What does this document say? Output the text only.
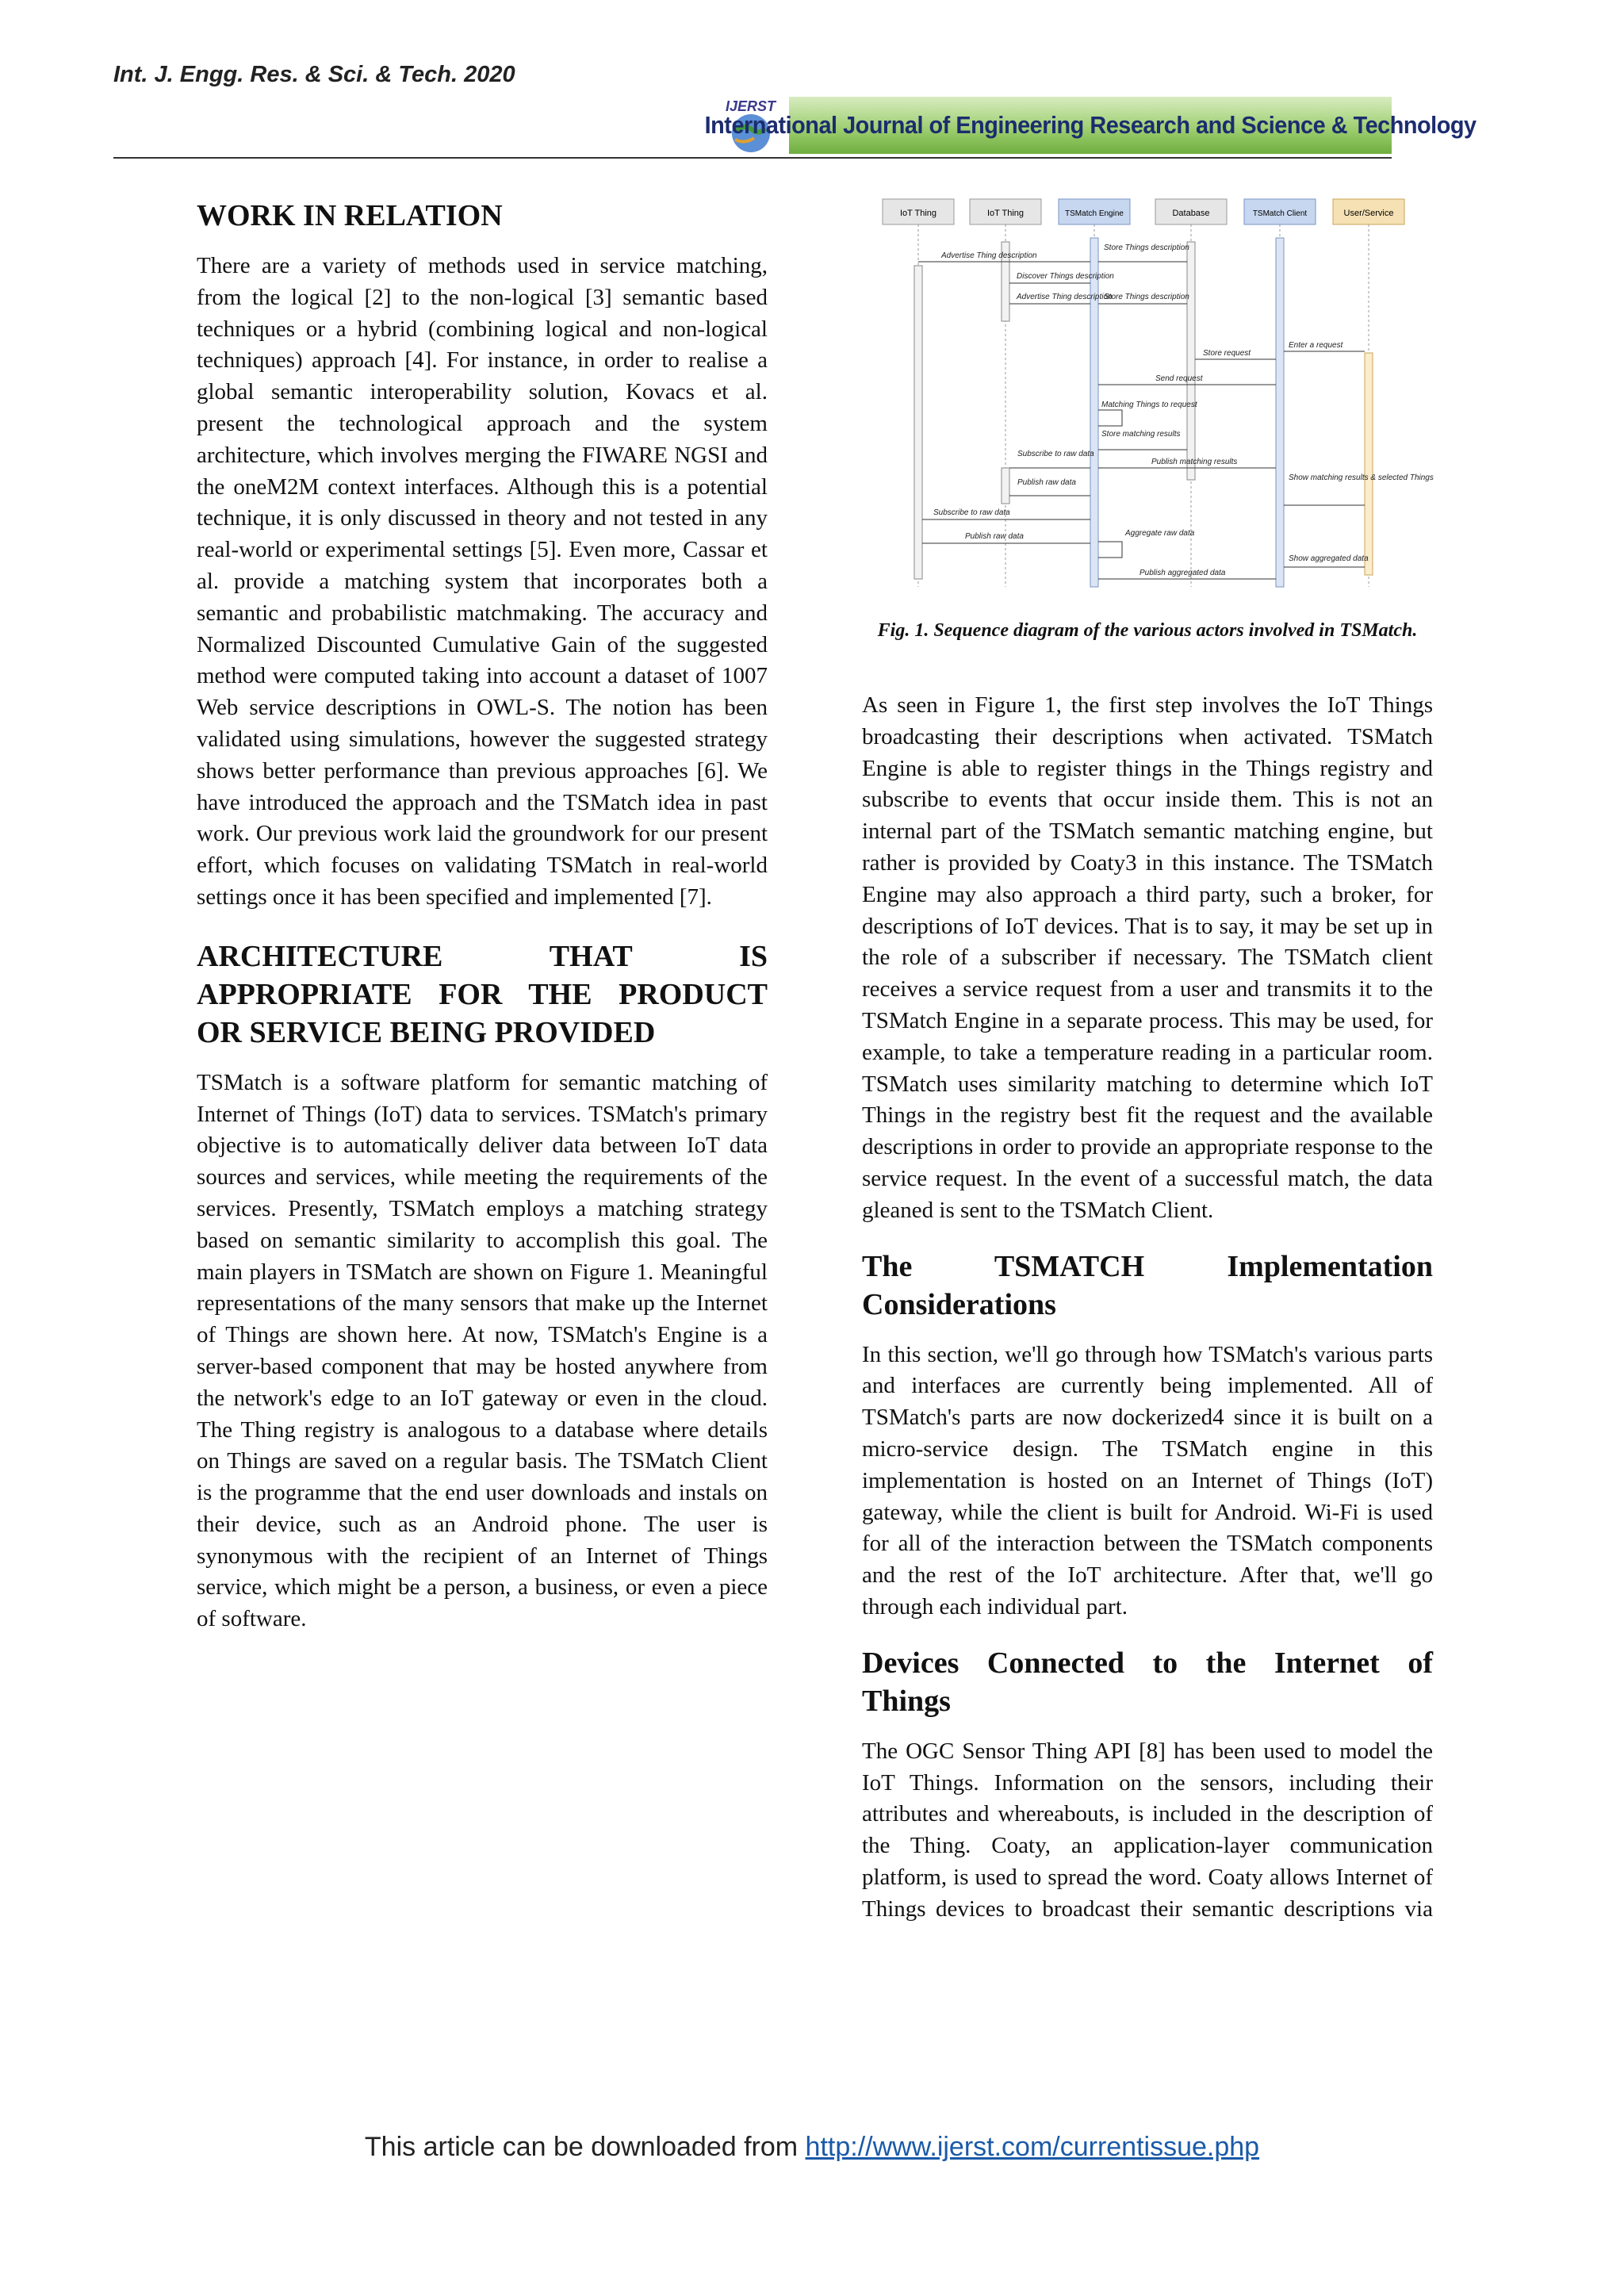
Int. J. Engg. Res. & Sci. & Tech. 2020
IJERST
International Journal of Engineering Research and Science & Technology
WORK IN RELATION

There are a variety of methods used in service matching, from the logical [2] to the non-logical [3] semantic based techniques or a hybrid (combining logical and non-logical techniques) approach [4]. For instance, in order to realise a global semantic interoperability solution, Kovacs et al. present the technological approach and the system architecture, which involves merging the FIWARE NGSI and the oneM2M context interfaces. Although this is a potential technique, it is only discussed in theory and not tested in any real-world or experimental settings [5]. Even more, Cassar et al. provide a matching system that incorporates both a semantic and probabilistic matchmaking. The accuracy and Normalized Discounted Cumulative Gain of the suggested method were computed taking into account a dataset of 1007 Web service descriptions in OWL-S. The notion has been validated using simulations, however the suggested strategy shows better performance than previous approaches [6]. We have introduced the approach and the TSMatch idea in past work. Our previous work laid the groundwork for our present effort, which focuses on validating TSMatch in real-world settings once it has been specified and implemented [7].

ARCHITECTURE THAT IS
APPROPRIATE FOR THE PRODUCT
OR SERVICE BEING PROVIDED

TSMatch is a software platform for semantic matching of Internet of Things (IoT) data to services. TSMatch's primary objective is to automatically deliver data between IoT data sources and services, while meeting the requirements of the services. Presently, TSMatch employs a matching strategy based on semantic similarity to accomplish this goal. The main players in TSMatch are shown on Figure 1. Meaningful representations of the many sensors that make up the Internet of Things are shown here. At now, TSMatch's Engine is a server-based component that may be hosted anywhere from the network's edge to an IoT gateway or even in the cloud. The Thing registry is analogous to a database where details on Things are saved on a regular basis. The TSMatch Client is the programme that the end user downloads and instals on their device, such as an Android phone. The user is synonymous with the recipient of an Internet of Things service, which might be a person, a business, or even a piece of software.

IoT Thing	IoT Thing	TSMatch Engine	Database	TSMatch Client	User/Service
Advertise Thing description
Store Things description
Discover Things description
Advertise Thing description
Store Things description
Enter a request
Store request
Send request
Matching Things to request
Store matching results
Subscribe to raw data
Publish matching results
Publish raw data
Show matching results & selected Things
Subscribe to raw data
Publish raw data	Aggregate raw data
Show aggregated data
Publish aggregated data
Fig. 1. Sequence diagram of the various actors involved in TSMatch.

As seen in Figure 1, the first step involves the IoT Things broadcasting their descriptions when activated. TSMatch Engine is able to register things in the Things registry and subscribe to events that occur inside them. This is not an internal part of the TSMatch semantic matching engine, but rather is provided by Coaty3 in this instance. The TSMatch Engine may also approach a third party, such a broker, for descriptions of IoT devices. That is to say, it may be set up in the role of a subscriber if necessary. The TSMatch client receives a service request from a user and transmits it to the TSMatch Engine in a separate process. This may be used, for example, to take a temperature reading in a particular room. TSMatch uses similarity matching to determine which IoT Things in the registry best fit the request and the available descriptions in order to provide an appropriate response to the service request. In the event of a successful match, the data gleaned is sent to the TSMatch Client.

The TSMATCH Implementation
Considerations

In this section, we'll go through how TSMatch's various parts and interfaces are currently being implemented. All of TSMatch's parts are now dockerized4 since it is built on a micro-service design. The TSMatch engine in this implementation is hosted on an Internet of Things (IoT) gateway, while the client is built for Android. Wi-Fi is used for all of the interaction between the TSMatch components and the rest of the IoT architecture. After that, we'll go through each individual part.

Devices Connected to the Internet of
Things

The OGC Sensor Thing API [8] has been used to model the IoT Things. Information on the sensors, including their attributes and whereabouts, is included in the description of the Thing. Coaty, an application-layer communication platform, is used to spread the word. Coaty allows Internet of Things devices to broadcast their semantic descriptions via

This article can be downloaded from http://www.ijerst.com/currentissue.php
